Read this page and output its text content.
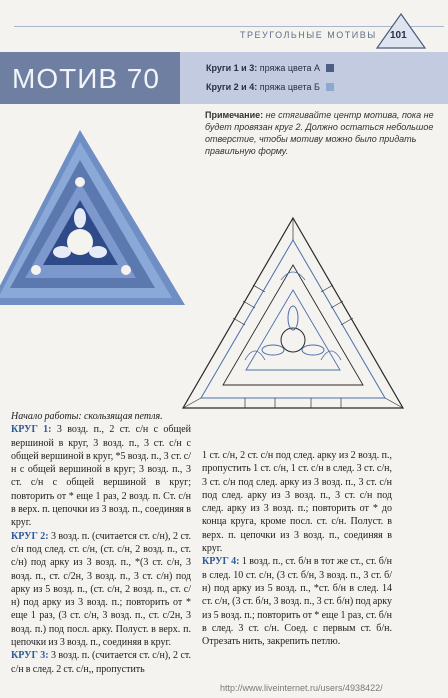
ТРЕУГОЛЬНЫЕ МОТИВЫ 101
МОТИВ 70	Круги 1 и 3: пряжа цвета А
Круги 2 и 4: пряжа цвета Б
Примечание: не стягивайте центр мотива, пока не будет провязан круг 2. Должно остаться небольшое отверстие, чтобы мотиву можно было придать правильную форму.
Начало работы: скользящая петля.
КРУГ 1: 3 возд. п., 2 ст. с/н с общей вершиной в круг, 3 возд. п., 3 ст. с/н с общей вершиной в круг, *5 возд. п., 3 ст. с/н с общей вершиной в круг; 3 возд. п., 3 ст. с/н с общей вершиной в круг; повторить от * еще 1 раз, 2 возд. п. Ст. с/н в верх. п. цепочки из 3 возд. п., соединяя в круг.
КРУГ 2: 3 возд. п. (считается ст. с/н), 2 ст. с/н под след. ст. с/н, (ст. с/н, 2 возд. п., ст. с/н) под арку из 3 возд. п., *(3 ст. с/н, 3 возд. п., ст. с/2н, 3 возд. п., 3 ст. с/н) под арку из 5 возд. п., (ст. с/н, 2 возд. п., ст. с/н) под арку из 3 возд. п.; повторить от * еще 1 раз, (3 ст. с/н, 3 возд. п., ст. с/2н, 3 возд. п.) под посл. арку. Полуст. в верх. п. цепочки из 3 возд. п., соединяя в круг.
КРУГ 3: 3 возд. п. (считается ст. с/н), 2 ст. с/н в след. 2 ст. с/н,, пропустить
1 ст. с/н, 2 ст. с/н под след. арку из 2 возд. п., пропустить 1 ст. с/н, 1 ст. с/н в след. 3 ст. с/н, 3 ст. с/н под след. арку из 3 возд. п., 3 ст. с/н под след. арку из 3 возд. п., 3 ст. с/н под след. арку из 3 возд. п.; повторить от * до конца круга, кроме посл. ст. с/н. Полуст. в верх. п. цепочки из 3 возд. п., соединяя в круг.
КРУГ 4: 1 возд. п., ст. б/н в тот же ст., ст. б/н в след. 10 ст. с/н, (3 ст. б/н, 3 возд. п., 3 ст. б/н) под арку из 5 возд. п., *ст. б/н в след. 14 ст. с/н, (3 ст. б/н, 3 возд. п., 3 ст. б/н) под арку из 5 возд. п.; повторить от * еще 1 раз, ст. б/н в след. 3 ст. с/н. Соед. с первым ст. б/н. Отрезать нить, закрепить петлю.
http://www.liveinternet.ru/users/4938422/
